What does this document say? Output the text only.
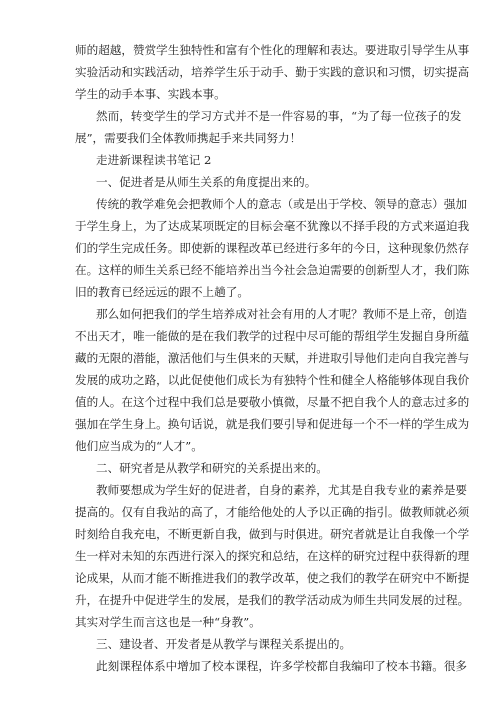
师的超越，赞赏学生独特性和富有个性化的理解和表达。要进取引导学生从事
实验活动和实践活动，培养学生乐于动手、勤于实践的意识和习惯，切实提高
学生的动手本事、实践本事。
然而，转变学生的学习方式并不是一件容易的事，“为了每一位孩子的发
展”，需要我们全体教师携起手来共同努力！
走进新课程读书笔记 2
一、促进者是从师生关系的角度提出来的。
传统的教学难免会把教师个人的意志（或是出于学校、领导的意志）强加
于学生身上，为了达成某项既定的目标会毫不犹豫以不择手段的方式来逼迫我
们的学生完成任务。即使新的课程改革已经进行多年的今日，这种现象仍然存
在。这样的师生关系已经不能培养出当今社会急迫需要的创新型人才，我们陈
旧的教育已经远远的跟不上趟了。
那么如何把我们的学生培养成对社会有用的人才呢？教师不是上帝，创造
不出天才，唯一能做的是在我们教学的过程中尽可能的帮组学生发掘自身所蕴
藏的无限的潜能，激活他们与生俱来的天赋，并进取引导他们走向自我完善与
发展的成功之路，以此促使他们成长为有独特个性和健全人格能够体现自我价
值的人。在这个过程中我们总是要敬小慎微，尽量不把自我个人的意志过多的
强加在学生身上。换句话说，就是我们要引导和促进每一个不一样的学生成为
他们应当成为的“人才”。
二、研究者是从教学和研究的关系提出来的。
教师要想成为学生好的促进者，自身的素养，尤其是自我专业的素养是要
提高的。仅有自我站的高了，才能给他处的人予以正确的指引。做教师就必须
时刻给自我充电，不断更新自我，做到与时俱进。研究者就是让自我像一个学
生一样对未知的东西进行深入的探究和总结，在这样的研究过程中获得新的理
论成果，从而才能不断推进我们的教学改革，使之我们的教学在研究中不断提
升，在提升中促进学生的发展，是我们的教学活动成为师生共同发展的过程。
其实对学生而言这也是一种“身教”。
三、建设者、开发者是从教学与课程关系提出的。
此刻课程体系中增加了校本课程，许多学校都自我编印了校本书籍。很多
